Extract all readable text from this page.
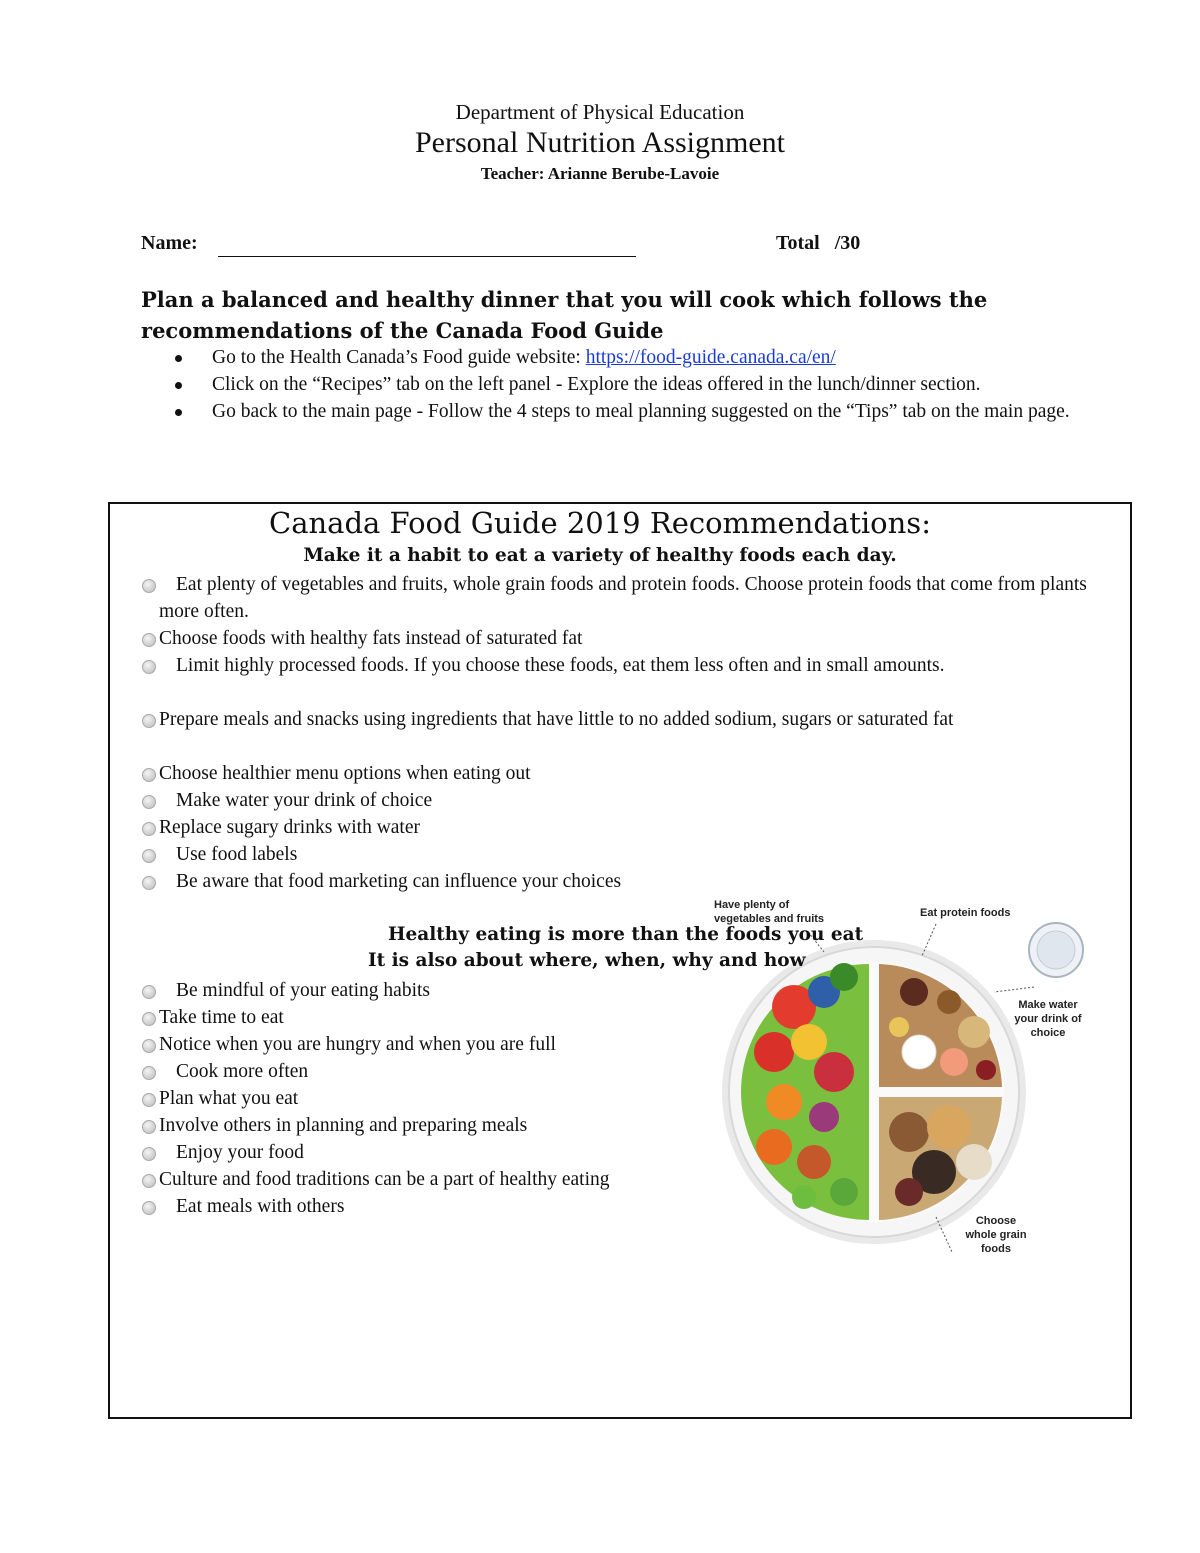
Department of Physical Education
Personal Nutrition Assignment
Teacher: Arianne Berube-Lavoie
Name:	Total   /30
Plan a balanced and healthy dinner that you will cook which follows the recommendations of the Canada Food Guide
Go to the Health Canada’s Food guide website: https://food-guide.canada.ca/en/
Click on the “Recipes” tab on the left panel - Explore the ideas offered in the lunch/dinner section.
Go back to the main page - Follow the 4 steps to meal planning suggested on the “Tips” tab on the main page.
Canada Food Guide 2019 Recommendations:
Make it a habit to eat a variety of healthy foods each day.
Eat plenty of vegetables and fruits, whole grain foods and protein foods. Choose protein foods that come from plants more often.
Choose foods with healthy fats instead of saturated fat
Limit highly processed foods. If you choose these foods, eat them less often and in small amounts.
Prepare meals and snacks using ingredients that have little to no added sodium, sugars or saturated fat
Choose healthier menu options when eating out
Make water your drink of choice
Replace sugary drinks with water
Use food labels
Be aware that food marketing can influence your choices
Have plenty of vegetables and fruits	Eat protein foods
Make water your drink of choice
Choose whole grain foods
Healthy eating is more than the foods you eat
It is also about where, when, why and how
Be mindful of your eating habits
Take time to eat
Notice when you are hungry and when you are full
Cook more often
Plan what you eat
Involve others in planning and preparing meals
Enjoy your food
Culture and food traditions can be a part of healthy eating
Eat meals with others
